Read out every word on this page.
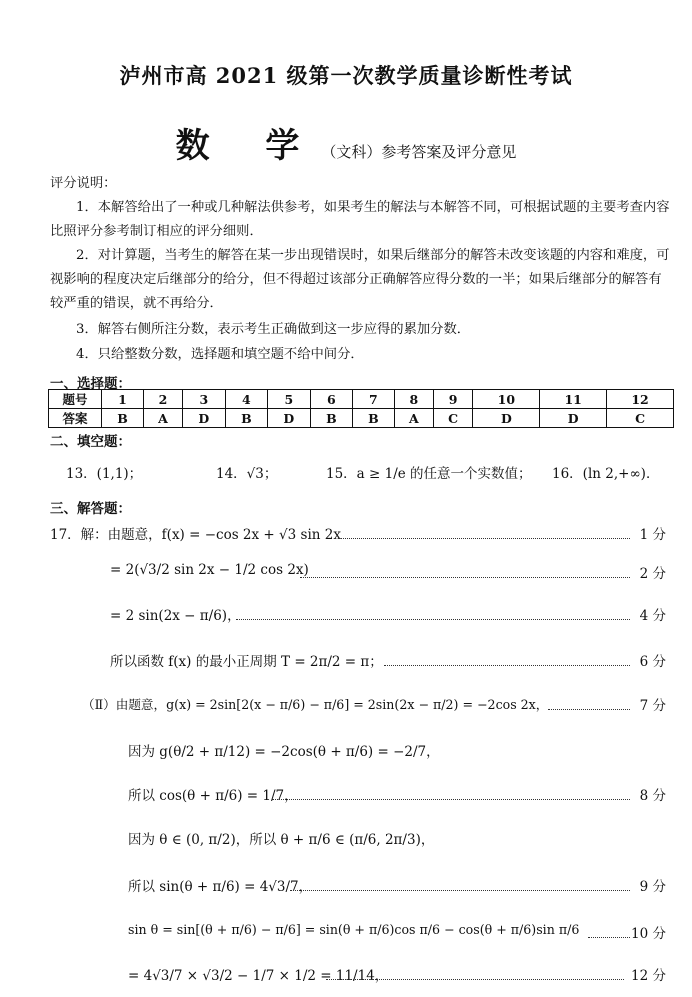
泸州市高 2021 级第一次教学质量诊断性考试
数 学（文科）参考答案及评分意见
评分说明：
1．本解答给出了一种或几种解法供参考，如果考生的解法与本解答不同，可根据试题的主要考查内容比照评分参考制订相应的评分细则．
2．对计算题，当考生的解答在某一步出现错误时，如果后继部分的解答未改变该题的内容和难度，可视影响的程度决定后继部分的给分，但不得超过该部分正确解答应得分数的一半；如果后继部分的解答有较严重的错误，就不再给分．
3．解答右侧所注分数，表示考生正确做到这一步应得的累加分数．
4．只给整数分数，选择题和填空题不给中间分．
一、选择题：
题号	1	2	3	4	5	6	7	8	9	10	11	12
答案	B	A	D	B	D	B	B	A	C	D	D	C
二、填空题：
13．(1,1)；	14．√3；	15．a ≥ 1/e 的任意一个实数值； 16．(ln 2,+∞)．
三、解答题：
17．解：由题意，f(x) = −cos 2x + √3 sin 2x	1 分
= 2(√3/2 sin 2x − 1/2 cos 2x)	2 分
= 2 sin(2x − π/6)，	4 分
所以函数 f(x) 的最小正周期 T = 2π/2 = π；	6 分
（Ⅱ）由题意，g(x) = 2sin[2(x − π/6) − π/6] = 2sin(2x − π/2) = −2cos 2x，	7 分
因为 g(θ/2 + π/12) = −2cos(θ + π/6) = −2/7，
所以 cos(θ + π/6) = 1/7，	8 分
因为 θ ∈ (0, π/2)，所以 θ + π/6 ∈ (π/6, 2π/3)，
所以 sin(θ + π/6) = 4√3/7，	9 分
sin θ = sin[(θ + π/6) − π/6] = sin(θ + π/6)cos π/6 − cos(θ + π/6)sin π/6	10 分
= 4√3/7 × √3/2 − 1/7 × 1/2 = 11/14，	12 分
